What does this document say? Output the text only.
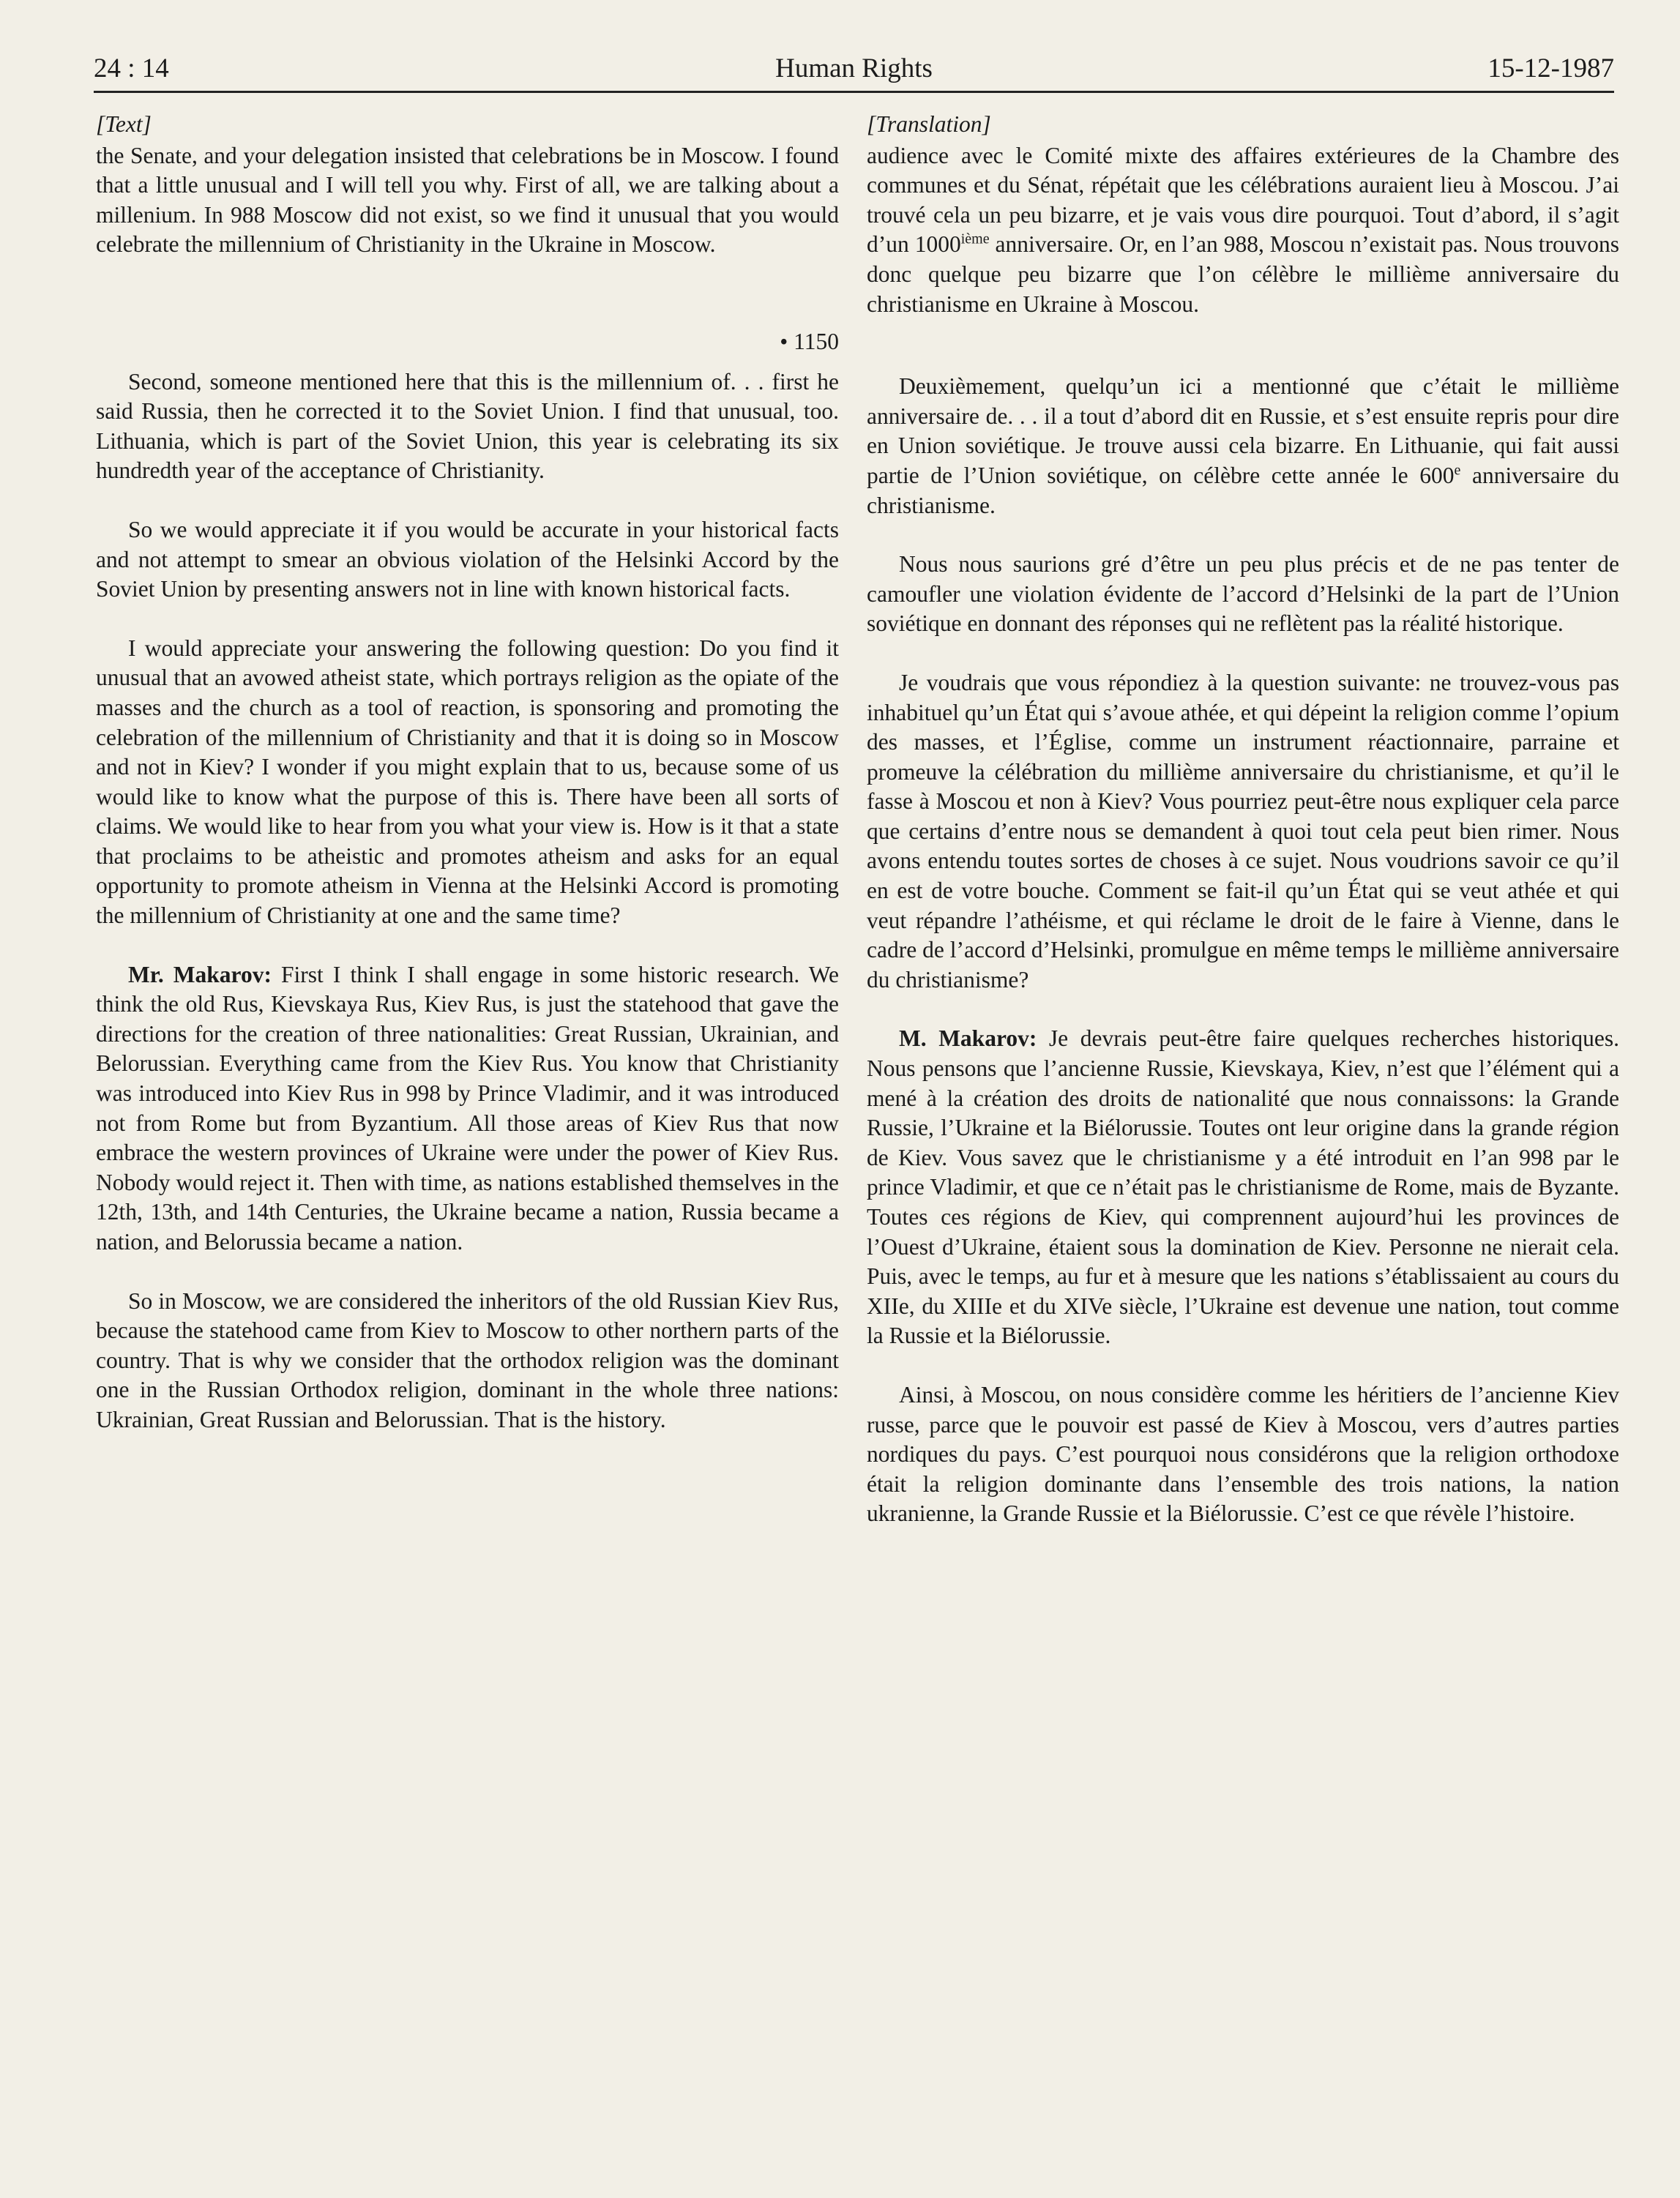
24 : 14	Human Rights	15-12-1987
[Text]

the Senate, and your delegation insisted that celebrations be in Moscow. I found that a little unusual and I will tell you why. First of all, we are talking about a millenium. In 988 Moscow did not exist, so we find it unusual that you would celebrate the millennium of Christianity in the Ukraine in Moscow.

• 1150

Second, someone mentioned here that this is the millennium of. . . first he said Russia, then he corrected it to the Soviet Union. I find that unusual, too. Lithuania, which is part of the Soviet Union, this year is celebrating its six hundredth year of the acceptance of Christianity.

So we would appreciate it if you would be accurate in your historical facts and not attempt to smear an obvious violation of the Helsinki Accord by the Soviet Union by presenting answers not in line with known historical facts.

I would appreciate your answering the following question: Do you find it unusual that an avowed atheist state, which portrays religion as the opiate of the masses and the church as a tool of reaction, is sponsoring and promoting the celebration of the millennium of Christianity and that it is doing so in Moscow and not in Kiev? I wonder if you might explain that to us, because some of us would like to know what the purpose of this is. There have been all sorts of claims. We would like to hear from you what your view is. How is it that a state that proclaims to be atheistic and promotes atheism and asks for an equal opportunity to promote atheism in Vienna at the Helsinki Accord is promoting the millennium of Christianity at one and the same time?

Mr. Makarov: First I think I shall engage in some historic research. We think the old Rus, Kievskaya Rus, Kiev Rus, is just the statehood that gave the directions for the creation of three nationalities: Great Russian, Ukrainian, and Belorussian. Everything came from the Kiev Rus. You know that Christianity was introduced into Kiev Rus in 998 by Prince Vladimir, and it was introduced not from Rome but from Byzantium. All those areas of Kiev Rus that now embrace the western provinces of Ukraine were under the power of Kiev Rus. Nobody would reject it. Then with time, as nations established themselves in the 12th, 13th, and 14th Centuries, the Ukraine became a nation, Russia became a nation, and Belorussia became a nation.

So in Moscow, we are considered the inheritors of the old Russian Kiev Rus, because the statehood came from Kiev to Moscow to other northern parts of the country. That is why we consider that the orthodox religion was the dominant one in the Russian Orthodox religion, dominant in the whole three nations: Ukrainian, Great Russian and Belorussian. That is the history.

[Translation]

audience avec le Comité mixte des affaires extérieures de la Chambre des communes et du Sénat, répétait que les célébrations auraient lieu à Moscou. J’ai trouvé cela un peu bizarre, et je vais vous dire pourquoi. Tout d’abord, il s’agit d’un 1000ième anniversaire. Or, en l’an 988, Moscou n’existait pas. Nous trouvons donc quelque peu bizarre que l’on célèbre le millième anniversaire du christianisme en Ukraine à Moscou.

Deuxièmement, quelqu’un ici a mentionné que c’était le millième anniversaire de. . . il a tout d’abord dit en Russie, et s’est ensuite repris pour dire en Union soviétique. Je trouve aussi cela bizarre. En Lithuanie, qui fait aussi partie de l’Union soviétique, on célèbre cette année le 600e anniversaire du christianisme.

Nous nous saurions gré d’être un peu plus précis et de ne pas tenter de camoufler une violation évidente de l’accord d’Helsinki de la part de l’Union soviétique en donnant des réponses qui ne reflètent pas la réalité historique.

Je voudrais que vous répondiez à la question suivante: ne trouvez-vous pas inhabituel qu’un État qui s’avoue athée, et qui dépeint la religion comme l’opium des masses, et l’Église, comme un instrument réactionnaire, parraine et promeuve la célébration du millième anniversaire du christianisme, et qu’il le fasse à Moscou et non à Kiev? Vous pourriez peut-être nous expliquer cela parce que certains d’entre nous se demandent à quoi tout cela peut bien rimer. Nous avons entendu toutes sortes de choses à ce sujet. Nous voudrions savoir ce qu’il en est de votre bouche. Comment se fait-il qu’un État qui se veut athée et qui veut répandre l’athéisme, et qui réclame le droit de le faire à Vienne, dans le cadre de l’accord d’Helsinki, promulgue en même temps le millième anniversaire du christianisme?

M. Makarov: Je devrais peut-être faire quelques recherches historiques. Nous pensons que l’ancienne Russie, Kievskaya, Kiev, n’est que l’élément qui a mené à la création des droits de nationalité que nous connaissons: la Grande Russie, l’Ukraine et la Biélorussie. Toutes ont leur origine dans la grande région de Kiev. Vous savez que le christianisme y a été introduit en l’an 998 par le prince Vladimir, et que ce n’était pas le christianisme de Rome, mais de Byzante. Toutes ces régions de Kiev, qui comprennent aujourd’hui les provinces de l’Ouest d’Ukraine, étaient sous la domination de Kiev. Personne ne nierait cela. Puis, avec le temps, au fur et à mesure que les nations s’établissaient au cours du XIIe, du XIIIe et du XIVe siècle, l’Ukraine est devenue une nation, tout comme la Russie et la Biélorussie.

Ainsi, à Moscou, on nous considère comme les héritiers de l’ancienne Kiev russe, parce que le pouvoir est passé de Kiev à Moscou, vers d’autres parties nordiques du pays. C’est pourquoi nous considérons que la religion orthodoxe était la religion dominante dans l’ensemble des trois nations, la nation ukranienne, la Grande Russie et la Biélorussie. C’est ce que révèle l’histoire.
